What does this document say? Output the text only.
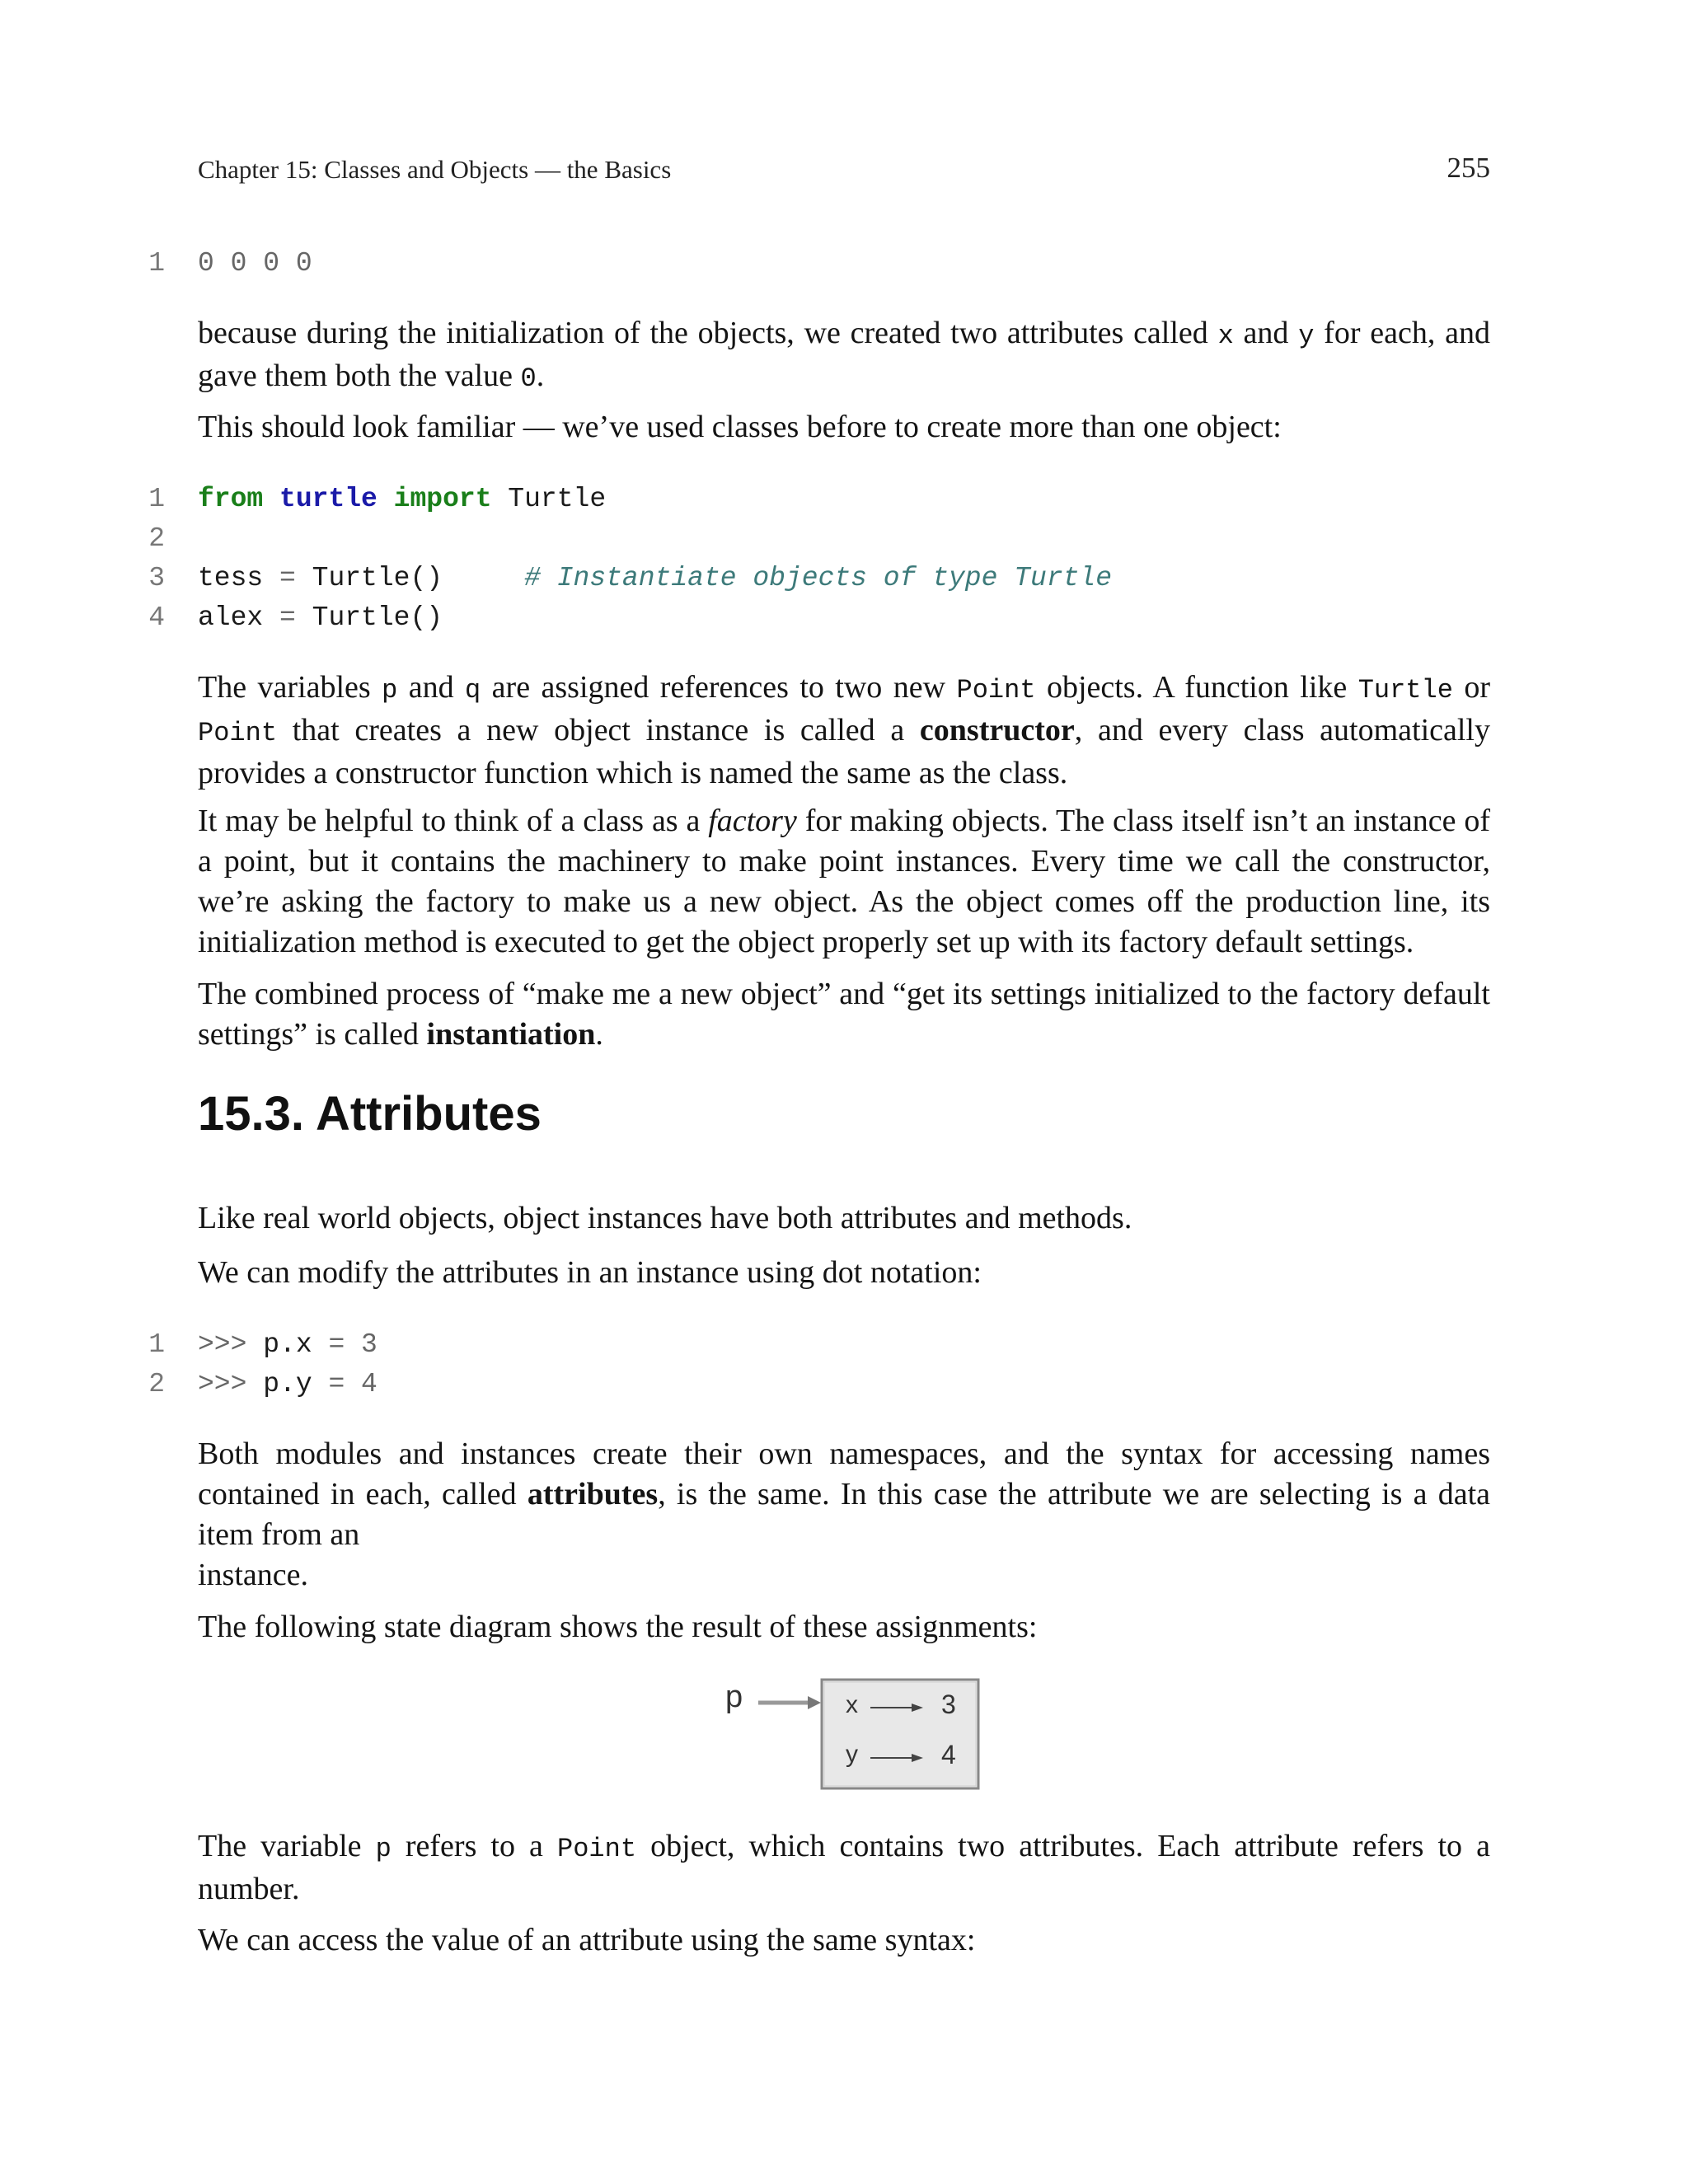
Chapter 15: Classes and Objects — the Basics	255
1 0 0 0 0

because during the initialization of the objects, we created two attributes called x and y for each, and gave them both the value 0.

This should look familiar — we’ve used classes before to create more than one object:

1 from turtle import Turtle
2
3 tess = Turtle()	# Instantiate objects of type Turtle
4 alex = Turtle()

The variables p and q are assigned references to two new Point objects. A function like Turtle or Point that creates a new object instance is called a constructor, and every class automatically provides a constructor function which is named the same as the class.

It may be helpful to think of a class as a factory for making objects. The class itself isn’t an instance of a point, but it contains the machinery to make point instances. Every time we call the constructor, we’re asking the factory to make us a new object. As the object comes off the production line, its initialization method is executed to get the object properly set up with its factory default settings.

The combined process of “make me a new object” and “get its settings initialized to the factory default settings” is called instantiation.

15.3. Attributes

Like real world objects, object instances have both attributes and methods.

We can modify the attributes in an instance using dot notation:

1 >>> p.x = 3
2 >>> p.y = 4

Both modules and instances create their own namespaces, and the syntax for accessing names contained in each, called attributes, is the same. In this case the attribute we are selecting is a data item from an
instance.

The following state diagram shows the result of these assignments:

p	x	3
y	4

The variable p refers to a Point object, which contains two attributes. Each attribute refers to a number.

We can access the value of an attribute using the same syntax:
